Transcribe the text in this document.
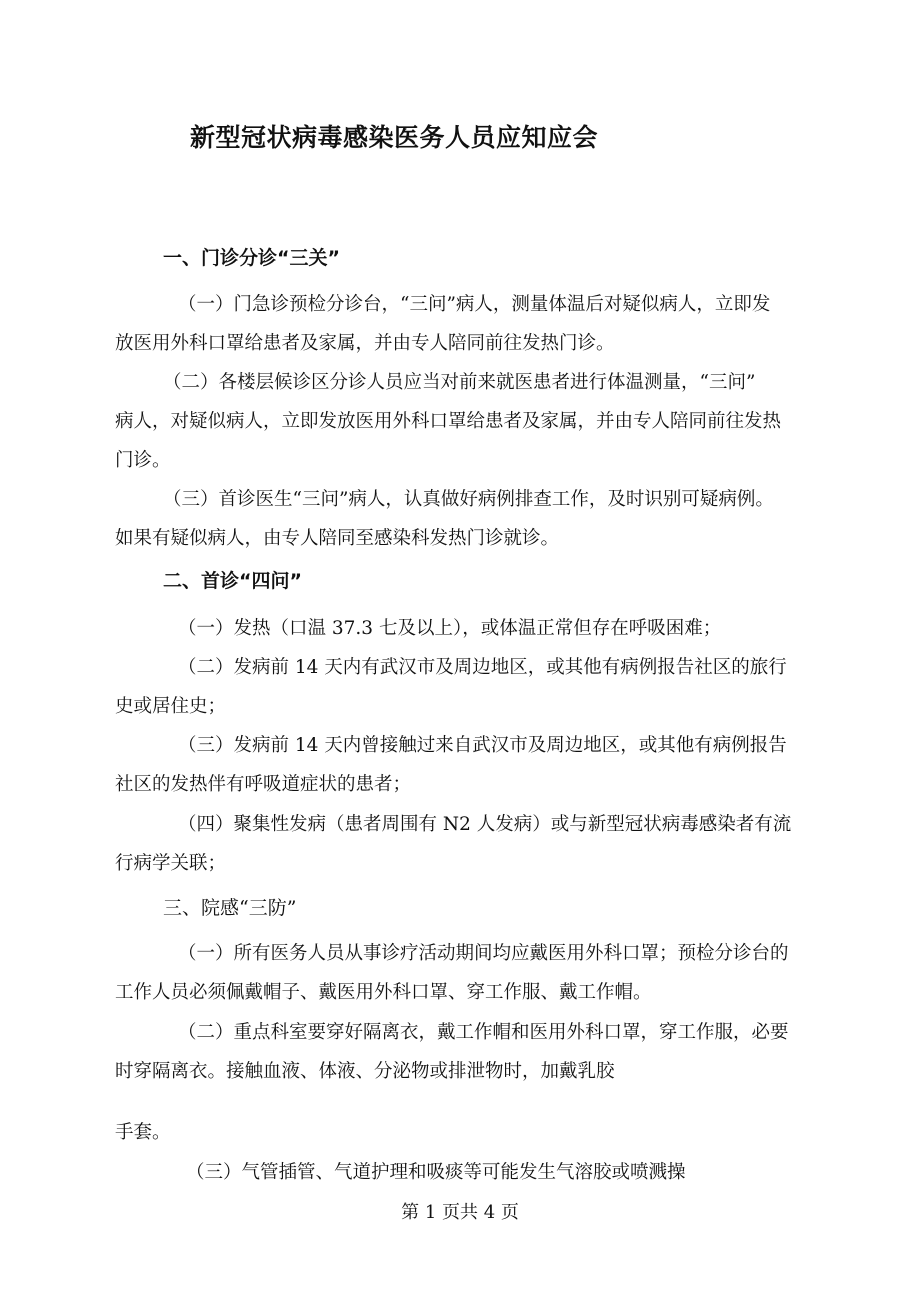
新型冠状病毒感染医务人员应知应会
一、门诊分诊“三关”
（一）门急诊预检分诊台，“三问”病人，测量体温后对疑似病人，立即发
放医用外科口罩给患者及家属，并由专人陪同前往发热门诊。
（二）各楼层候诊区分诊人员应当对前来就医患者进行体温测量，“三问”
病人，对疑似病人，立即发放医用外科口罩给患者及家属，并由专人陪同前往发热
门诊。
（三）首诊医生“三问”病人，认真做好病例排查工作，及时识别可疑病例。
如果有疑似病人，由专人陪同至感染科发热门诊就诊。
二、首诊“四问”
（一）发热（口温 37.3 七及以上），或体温正常但存在呼吸困难；
（二）发病前 14 天内有武汉市及周边地区，或其他有病例报告社区的旅行
史或居住史；
（三）发病前 14 天内曾接触过来自武汉市及周边地区，或其他有病例报告
社区的发热伴有呼吸道症状的患者；
（四）聚集性发病（患者周围有 N2 人发病）或与新型冠状病毒感染者有流
行病学关联；
三、院感“三防”
（一）所有医务人员从事诊疗活动期间均应戴医用外科口罩；预检分诊台的
工作人员必须佩戴帽子、戴医用外科口罩、穿工作服、戴工作帽。
（二）重点科室要穿好隔离衣，戴工作帽和医用外科口罩，穿工作服，必要
时穿隔离衣。接触血液、体液、分泌物或排泄物时，加戴乳胶
手套。
（三）气管插管、气道护理和吸痰等可能发生气溶胶或喷溅操
第 1 页共 4 页
